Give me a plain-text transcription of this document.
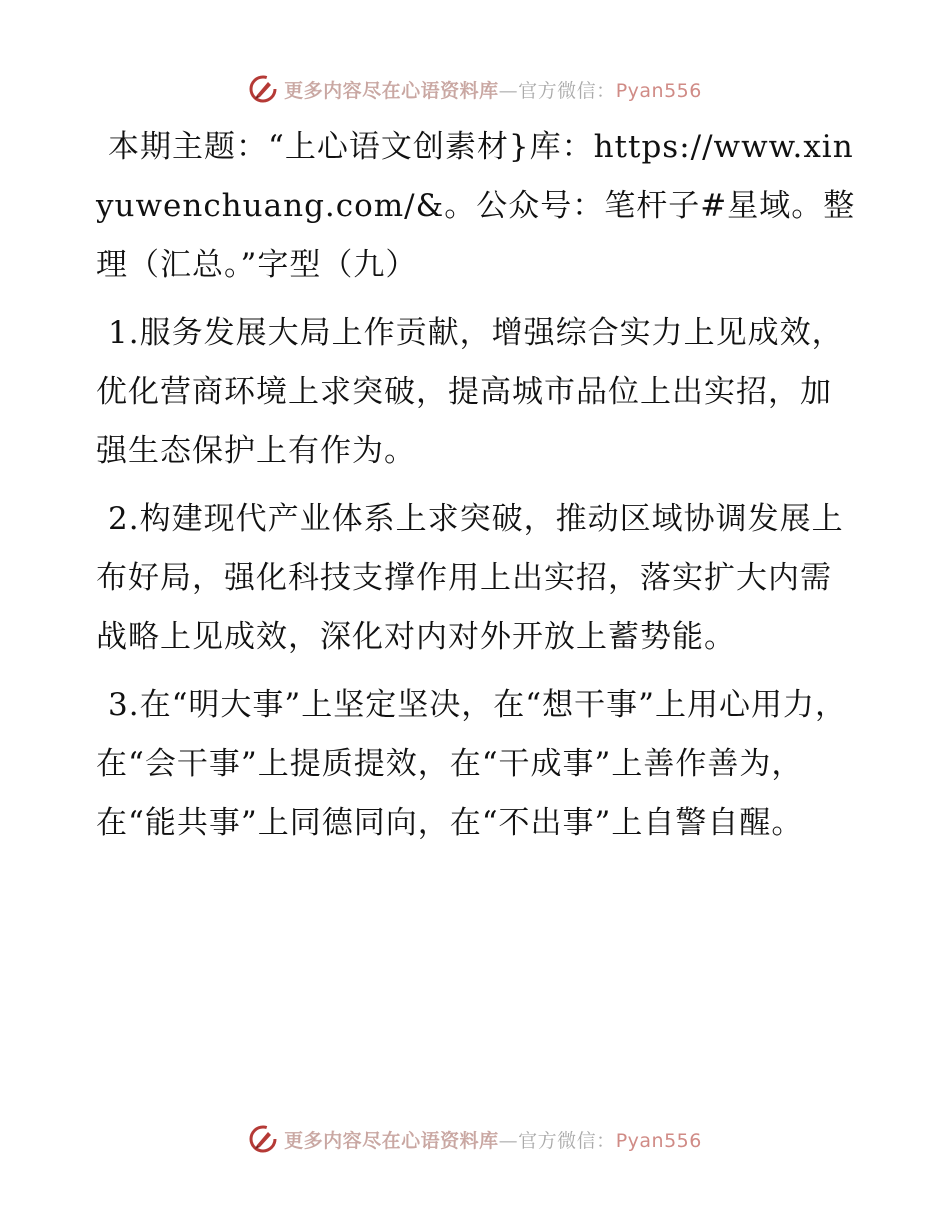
更多内容尽在心语资料库—官方微信：Pyan556

本期主题：“上心语文创素材}库：https://www.xinyuwenchuang.com/&。公众号：笔杆子#星域。整理（汇总。”字型（九）

1.服务发展大局上作贡献，增强综合实力上见成效，优化营商环境上求突破，提高城市品位上出实招，加强生态保护上有作为。

2.构建现代产业体系上求突破，推动区域协调发展上布好局，强化科技支撑作用上出实招，落实扩大内需战略上见成效，深化对内对外开放上蓄势能。

3.在“明大事”上坚定坚决，在“想干事”上用心用力，在“会干事”上提质提效，在“干成事”上善作善为，在“能共事”上同德同向，在“不出事”上自警自醒。

更多内容尽在心语资料库—官方微信：Pyan556
